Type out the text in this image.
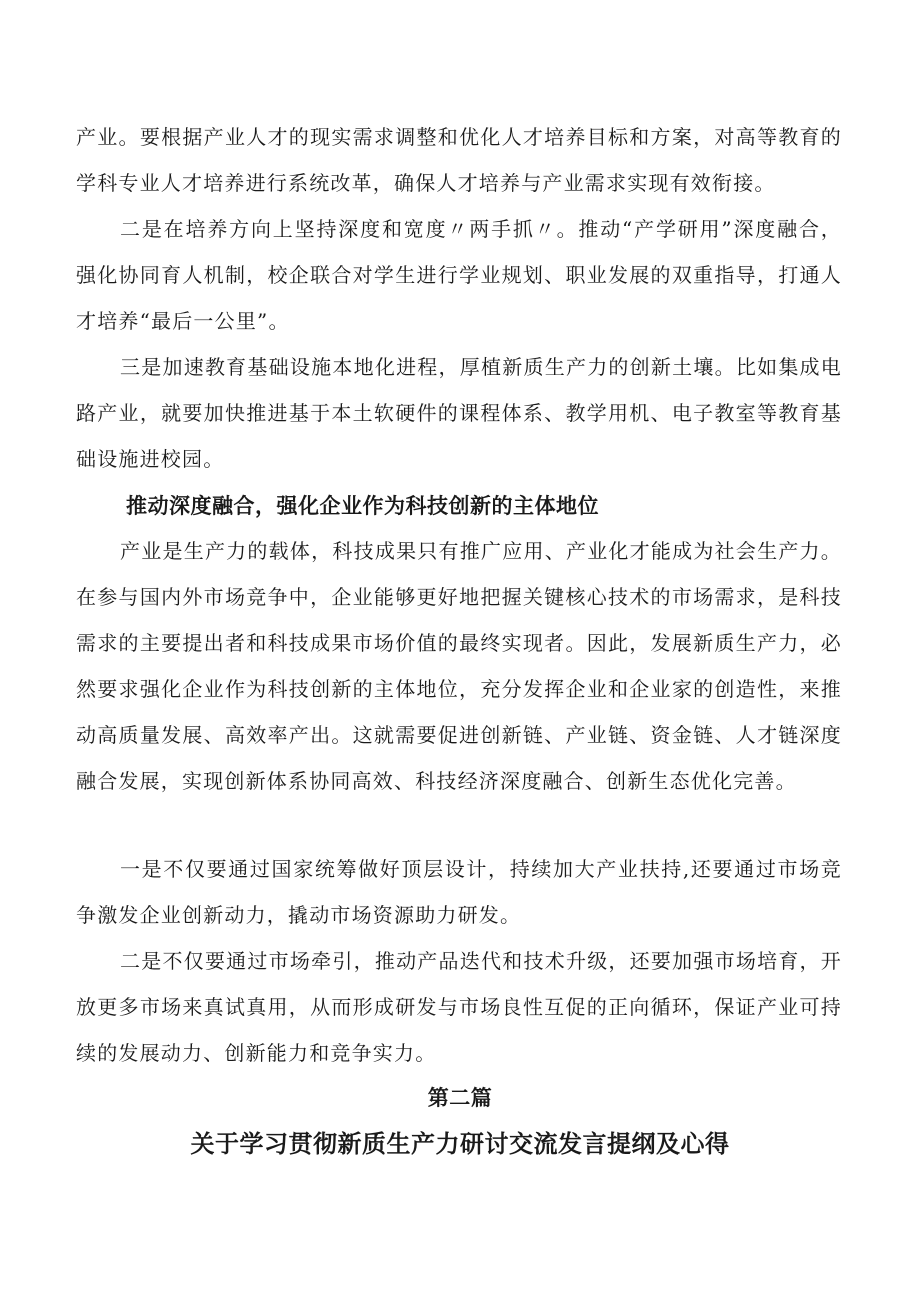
产业。要根据产业人才的现实需求调整和优化人才培养目标和方案，对高等教育的学科专业人才培养进行系统改革，确保人才培养与产业需求实现有效衔接。

二是在培养方向上坚持深度和宽度〃两手抓〃。推动“产学研用”深度融合，强化协同育人机制，校企联合对学生进行学业规划、职业发展的双重指导，打通人才培养“最后一公里”。

三是加速教育基础设施本地化进程，厚植新质生产力的创新土壤。比如集成电路产业，就要加快推进基于本土软硬件的课程体系、教学用机、电子教室等教育基础设施进校园。

推动深度融合，强化企业作为科技创新的主体地位

产业是生产力的载体，科技成果只有推广应用、产业化才能成为社会生产力。在参与国内外市场竞争中，企业能够更好地把握关键核心技术的市场需求，是科技需求的主要提出者和科技成果市场价值的最终实现者。因此，发展新质生产力，必然要求强化企业作为科技创新的主体地位，充分发挥企业和企业家的创造性，来推动高质量发展、高效率产出。这就需要促进创新链、产业链、资金链、人才链深度融合发展，实现创新体系协同高效、科技经济深度融合、创新生态优化完善。

一是不仅要通过国家统筹做好顶层设计，持续加大产业扶持,还要通过市场竞争激发企业创新动力，撬动市场资源助力研发。

二是不仅要通过市场牵引，推动产品迭代和技术升级，还要加强市场培育，开放更多市场来真试真用，从而形成研发与市场良性互促的正向循环，保证产业可持续的发展动力、创新能力和竞争实力。

第二篇
关于学习贯彻新质生产力研讨交流发言提纲及心得
